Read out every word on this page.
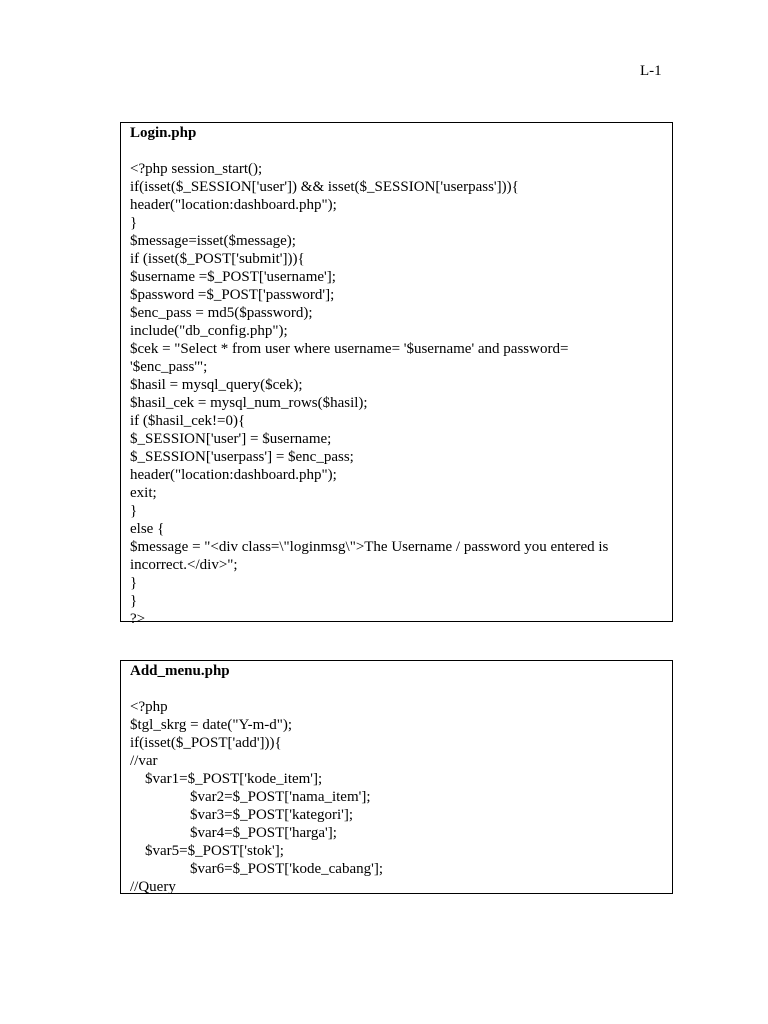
L-1
Login.php
<?php session_start();
if(isset($_SESSION['user']) && isset($_SESSION['userpass'])){
header("location:dashboard.php");
}
$message=isset($message);
if (isset($_POST['submit'])){
$username =$_POST['username'];
$password =$_POST['password'];
$enc_pass = md5($password);
include("db_config.php");
$cek = "Select * from user where username= '$username' and password=
'$enc_pass'";
$hasil = mysql_query($cek);
$hasil_cek = mysql_num_rows($hasil);
if ($hasil_cek!=0){
$_SESSION['user'] = $username;
$_SESSION['userpass'] = $enc_pass;
header("location:dashboard.php");
exit;
}
else {
$message = "<div class=\"loginmsg\">The Username / password you entered is
incorrect.</div>";
}
}
?>
Add_menu.php
<?php
$tgl_skrg = date("Y-m-d");
if(isset($_POST['add'])){
//var
$var1=$_POST['kode_item'];
$var2=$_POST['nama_item'];
$var3=$_POST['kategori'];
$var4=$_POST['harga'];
$var5=$_POST['stok'];
$var6=$_POST['kode_cabang'];
//Query
